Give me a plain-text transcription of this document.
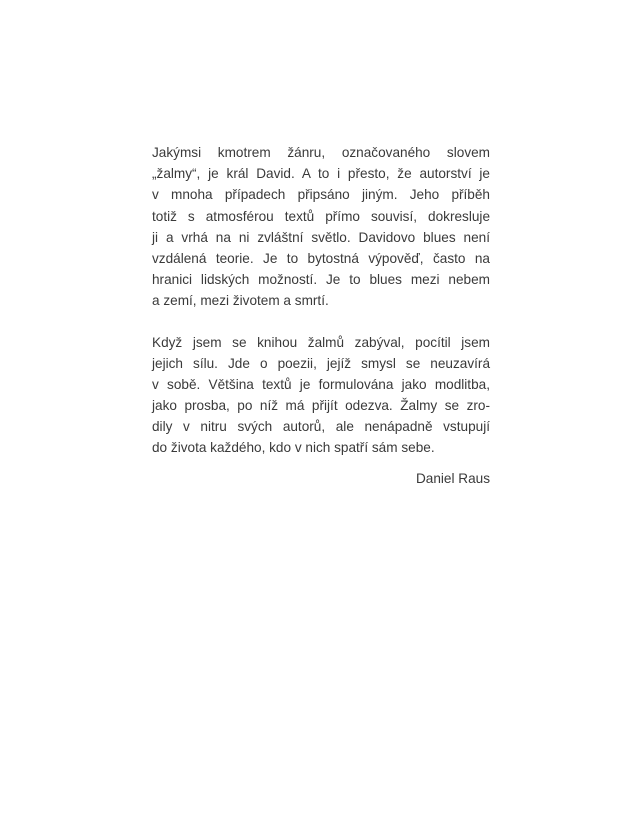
Jakýmsi kmotrem žánru, označovaného slovem
„žalmy“, je král David. A to i přesto, že autorství je
v mnoha případech připsáno jiným. Jeho příběh
totiž s atmosférou textů přímo souvisí, dokresluje
ji a vrhá na ni zvláštní světlo. Davidovo blues není
vzdálená teorie. Je to bytostná výpověď, často na
hranici lidských možností. Je to blues mezi nebem
a zemí, mezi životem a smrtí.
Když jsem se knihou žalmů zabýval, pocítil jsem
jejich sílu. Jde o poezii, jejíž smysl se neuzavírá
v sobě. Většina textů je formulována jako modlitba,
jako prosba, po níž má přijít odezva. Žalmy se zro-
dily v nitru svých autorů, ale nenápadně vstupují
do života každého, kdo v nich spatří sám sebe.
Daniel Raus
